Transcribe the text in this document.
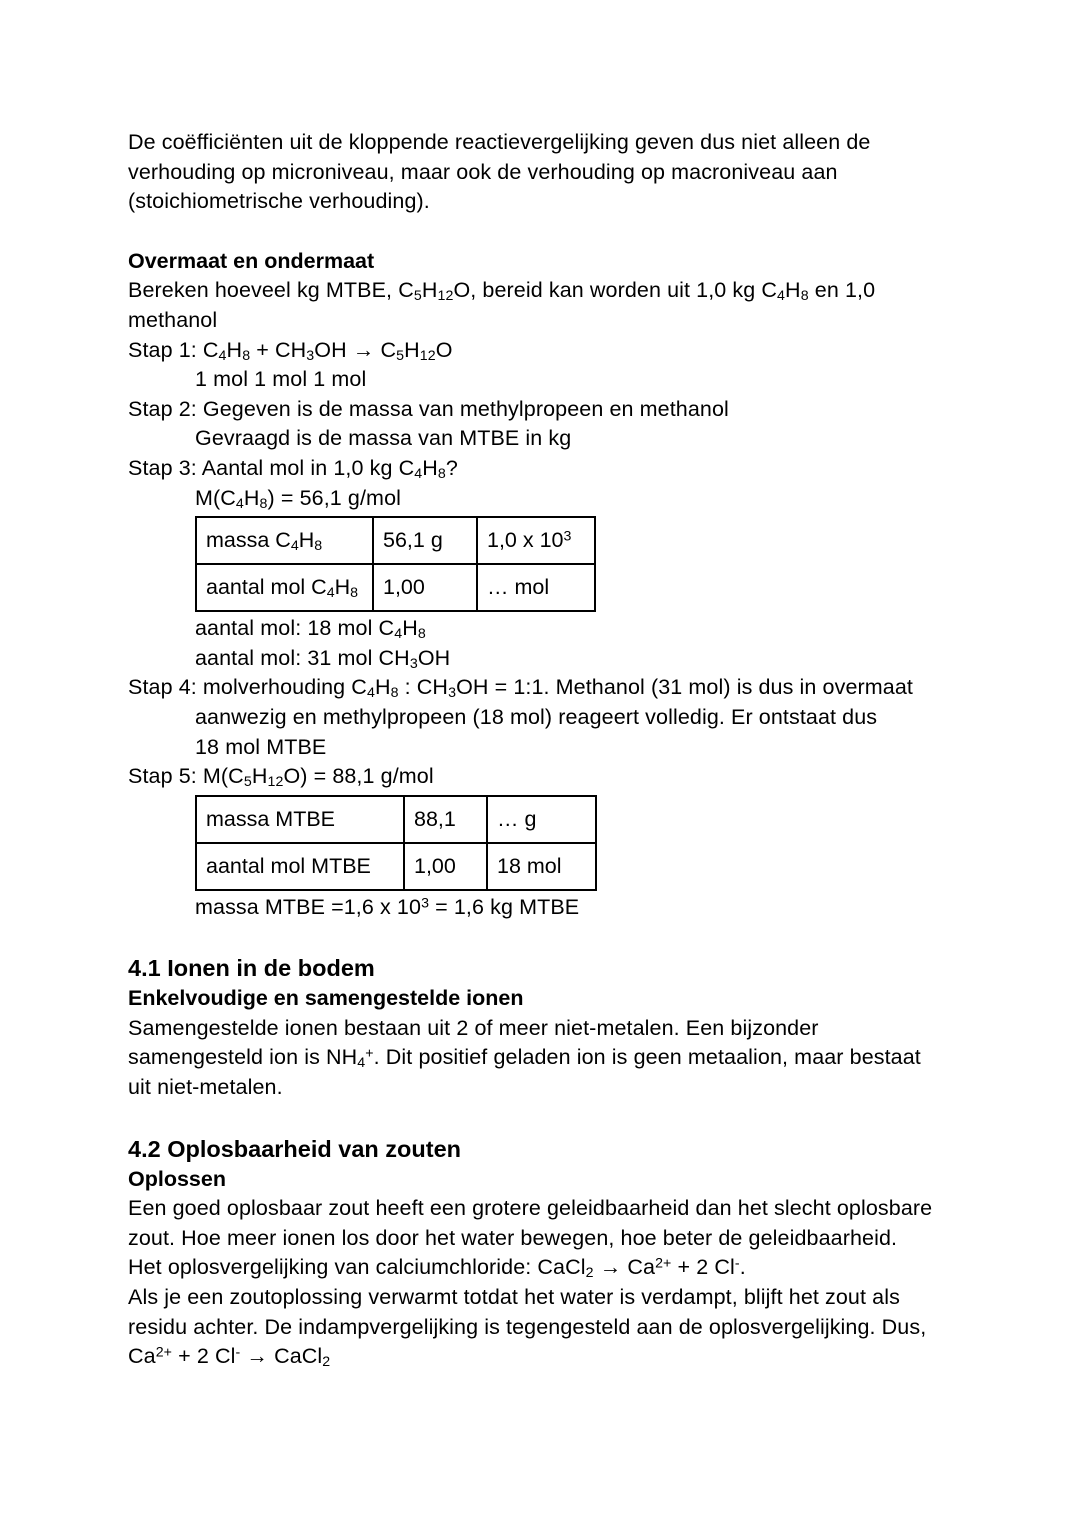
De coëfficiënten uit de kloppende reactievergelijking geven dus niet alleen de verhouding op microniveau, maar ook de verhouding op macroniveau aan (stoichiometrische verhouding).

Overmaat en ondermaat
Bereken hoeveel kg MTBE, $C_5H_{12}O$, bereid kan worden uit 1,0 kg $C_4H_8$ en 1,0 methanol
Stap 1: $C_4H_8 + CH_3OH \to C_5H_{12}O$
1 mol 1 mol 1 mol
Stap 2: Gegeven is de massa van methylpropeen en methanol
Gevraagd is de massa van MTBE in kg
Stap 3: Aantal mol in 1,0 kg $C_4H_8$?
$M(C_4H_8) = 56,1$ g/mol
massa $C_4H_8$	56,1 g	1,0 x $10^3$
aantal mol $C_4H_8$	1,00	… mol
aantal mol: 18 mol $C_4H_8$
aantal mol: 31 mol $CH_3OH$
Stap 4: molverhouding $C_4H_8$ : $CH_3OH$ = 1:1. Methanol (31 mol) is dus in overmaat
aanwezig en methylpropeen (18 mol) reageert volledig. Er ontstaat dus
18 mol MTBE
Stap 5: $M(C_5H_{12}O) = 88,1$ g/mol
massa MTBE	88,1	… g
aantal mol MTBE	1,00	18 mol
massa MTBE =1,6 x $10^3 = 1,6$ kg MTBE
4.1 Ionen in de bodem
Enkelvoudige en samengestelde ionen

Samengestelde ionen bestaan uit 2 of meer niet-metalen. Een bijzonder samengesteld ion is $NH_4^+$. Dit positief geladen ion is geen metaalion, maar bestaat uit niet-metalen.

4.2 Oplosbaarheid van zouten
Oplossen
Een goed oplosbaar zout heeft een grotere geleidbaarheid dan het slecht oplosbare
zout. Hoe meer ionen los door het water bewegen, hoe beter de geleidbaarheid.
Het oplosvergelijking van calciumchloride: CaCl$_2$ → $Ca^{2+} + 2$ Cl-.
Als je een zoutoplossing verwarmt totdat het water is verdampt, blijft het zout als
residu achter. De indampvergelijking is tegengesteld aan de oplosvergelijking. Dus,
$Ca^{2+} + 2$ Cl- → CaCl$_2$
